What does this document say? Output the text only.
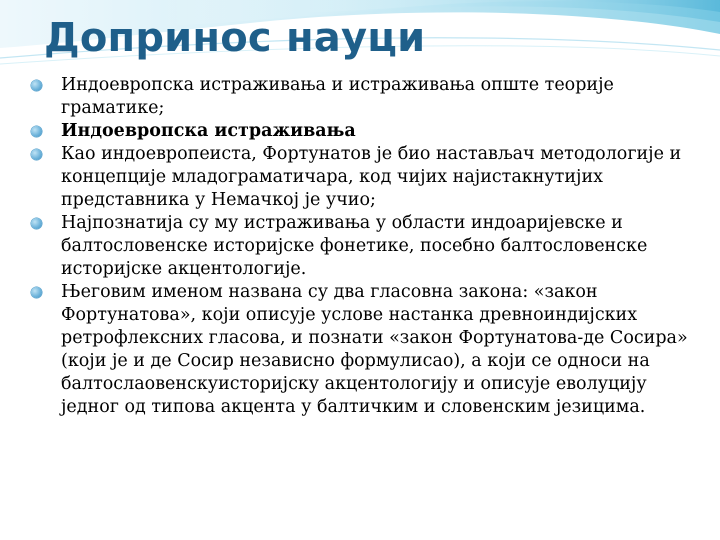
Допринос науци
Индоевропска истраживања и истраживања опште теорије граматике;
Индоевропска истраживања
Као индоевропеиста, Фортунатов је био настављач методологије и концепције младограматичара, код чијих најистакнутијих представника у Немачкој је учио;
Најпознатија су му истраживања у области индоаријевске и балтословенске историјске фонетике, посебно балтословенске историјске акцентологије.
Његовим именом названа су два гласовна закона: «закон Фортунатова», који описује услове настанка древноиндијских ретрофлексних гласова, и познати «закон Фортунатова-де Сосира» (који је и де Сосир независно формулисао), а који се односи на балтослаовенскуисторијску акцентологију и описује еволуцију једног од типова акцента у балтичким и словенским језицима.
